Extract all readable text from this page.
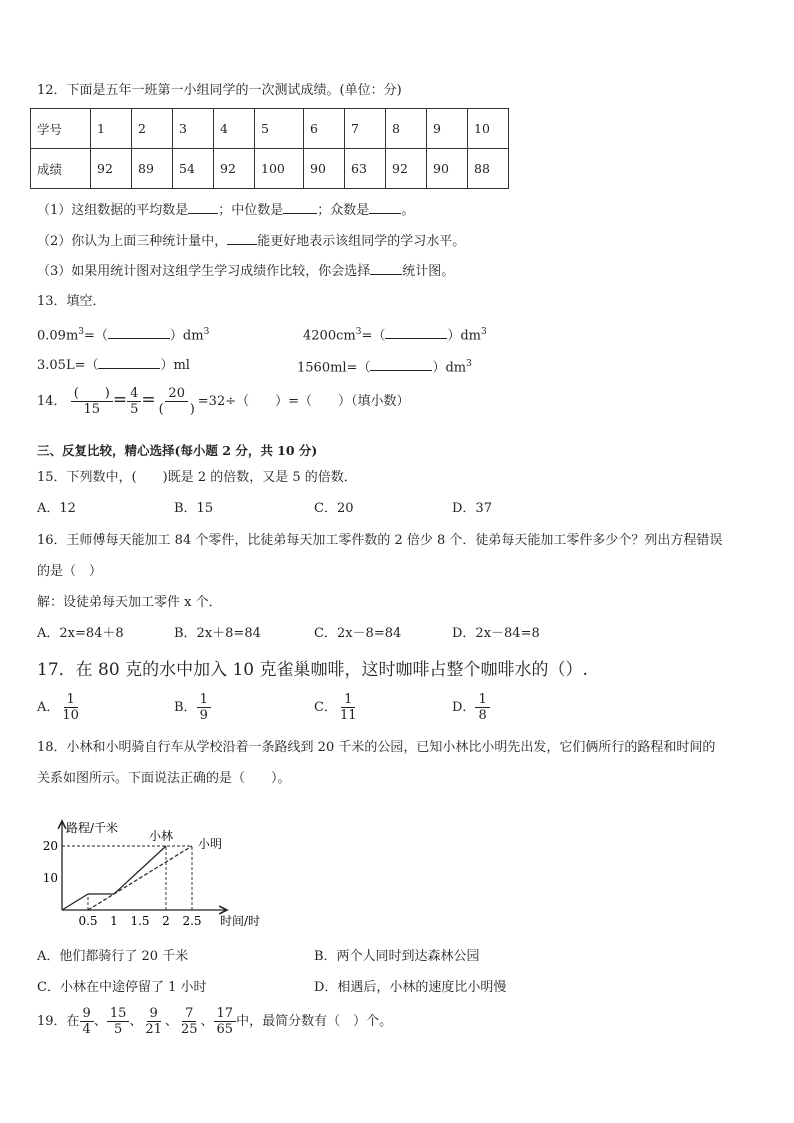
12．下面是五年一班第一小组同学的一次测试成绩。(单位：分)
学号	1	2	3	4	5	6	7	8	9	10
成绩	92	89	54	92	100	90	63	92	90	88
（1）这组数据的平均数是 ；中位数是	；众数是 。
（2）你认为上面三种统计量中， 能更好地表示该组同学的学习水平。
（3）如果用统计图对这组学生学习成绩作比较，你会选择 统计图。
13．填空．
$0.09m^3=$（	）$dm^3$	$4200cm^3=$（	）$dm^3$
3.05L=（	）ml	1560ml=（	）$dm^3$
14． $\frac{( )}{15} = \frac{4}{5} = \frac{20}{( )} =32\div$（　　）=（　　）（填小数）
三、反复比较，精心选择(每小题 2 分，共 10 分)
15．下列数中，(　　)既是 2 的倍数，又是 5 的倍数．
A．12	B．15	C．20	D．37
16．王师傅每天能加工 84 个零件，比徒弟每天加工零件数的 2 倍少 8 个．徒弟每天能加工零件多少个？列出方程错误
的是（　）
解：设徒弟每天加工零件 x 个．
A．2x=84＋8	B．2x＋8=84	C．2x－8=84	D．2x－84=8
17．在 80 克的水中加入 10 克雀巢咖啡，这时咖啡占整个咖啡水的（）.
A． $\frac{1}{10}$	B． $\frac{1}{9}$	C． $\frac{1}{11}$	D． $\frac{1}{8}$
18．小林和小明骑自行车从学校沿着一条路线到 20 千米的公园，已知小林比小明先出发，它们俩所行的路程和时间的
关系如图所示。下面说法正确的是（　　）。
路程/千米
时间/时
0.5 1 1.5 2 2.5
10
20
小林
小明
A．他们都骑行了 20 千米	B．两个人同时到达森林公园
C．小林在中途停留了 1 小时	D．相遇后，小林的速度比小明慢
19．在 $\frac{9}{4}$ 、 $\frac{15}{5}$ 、 $\frac{9}{21}$ 、 $\frac{7}{25}$ 、 $\frac{17}{65}$ 中，最简分数有（　）个。
